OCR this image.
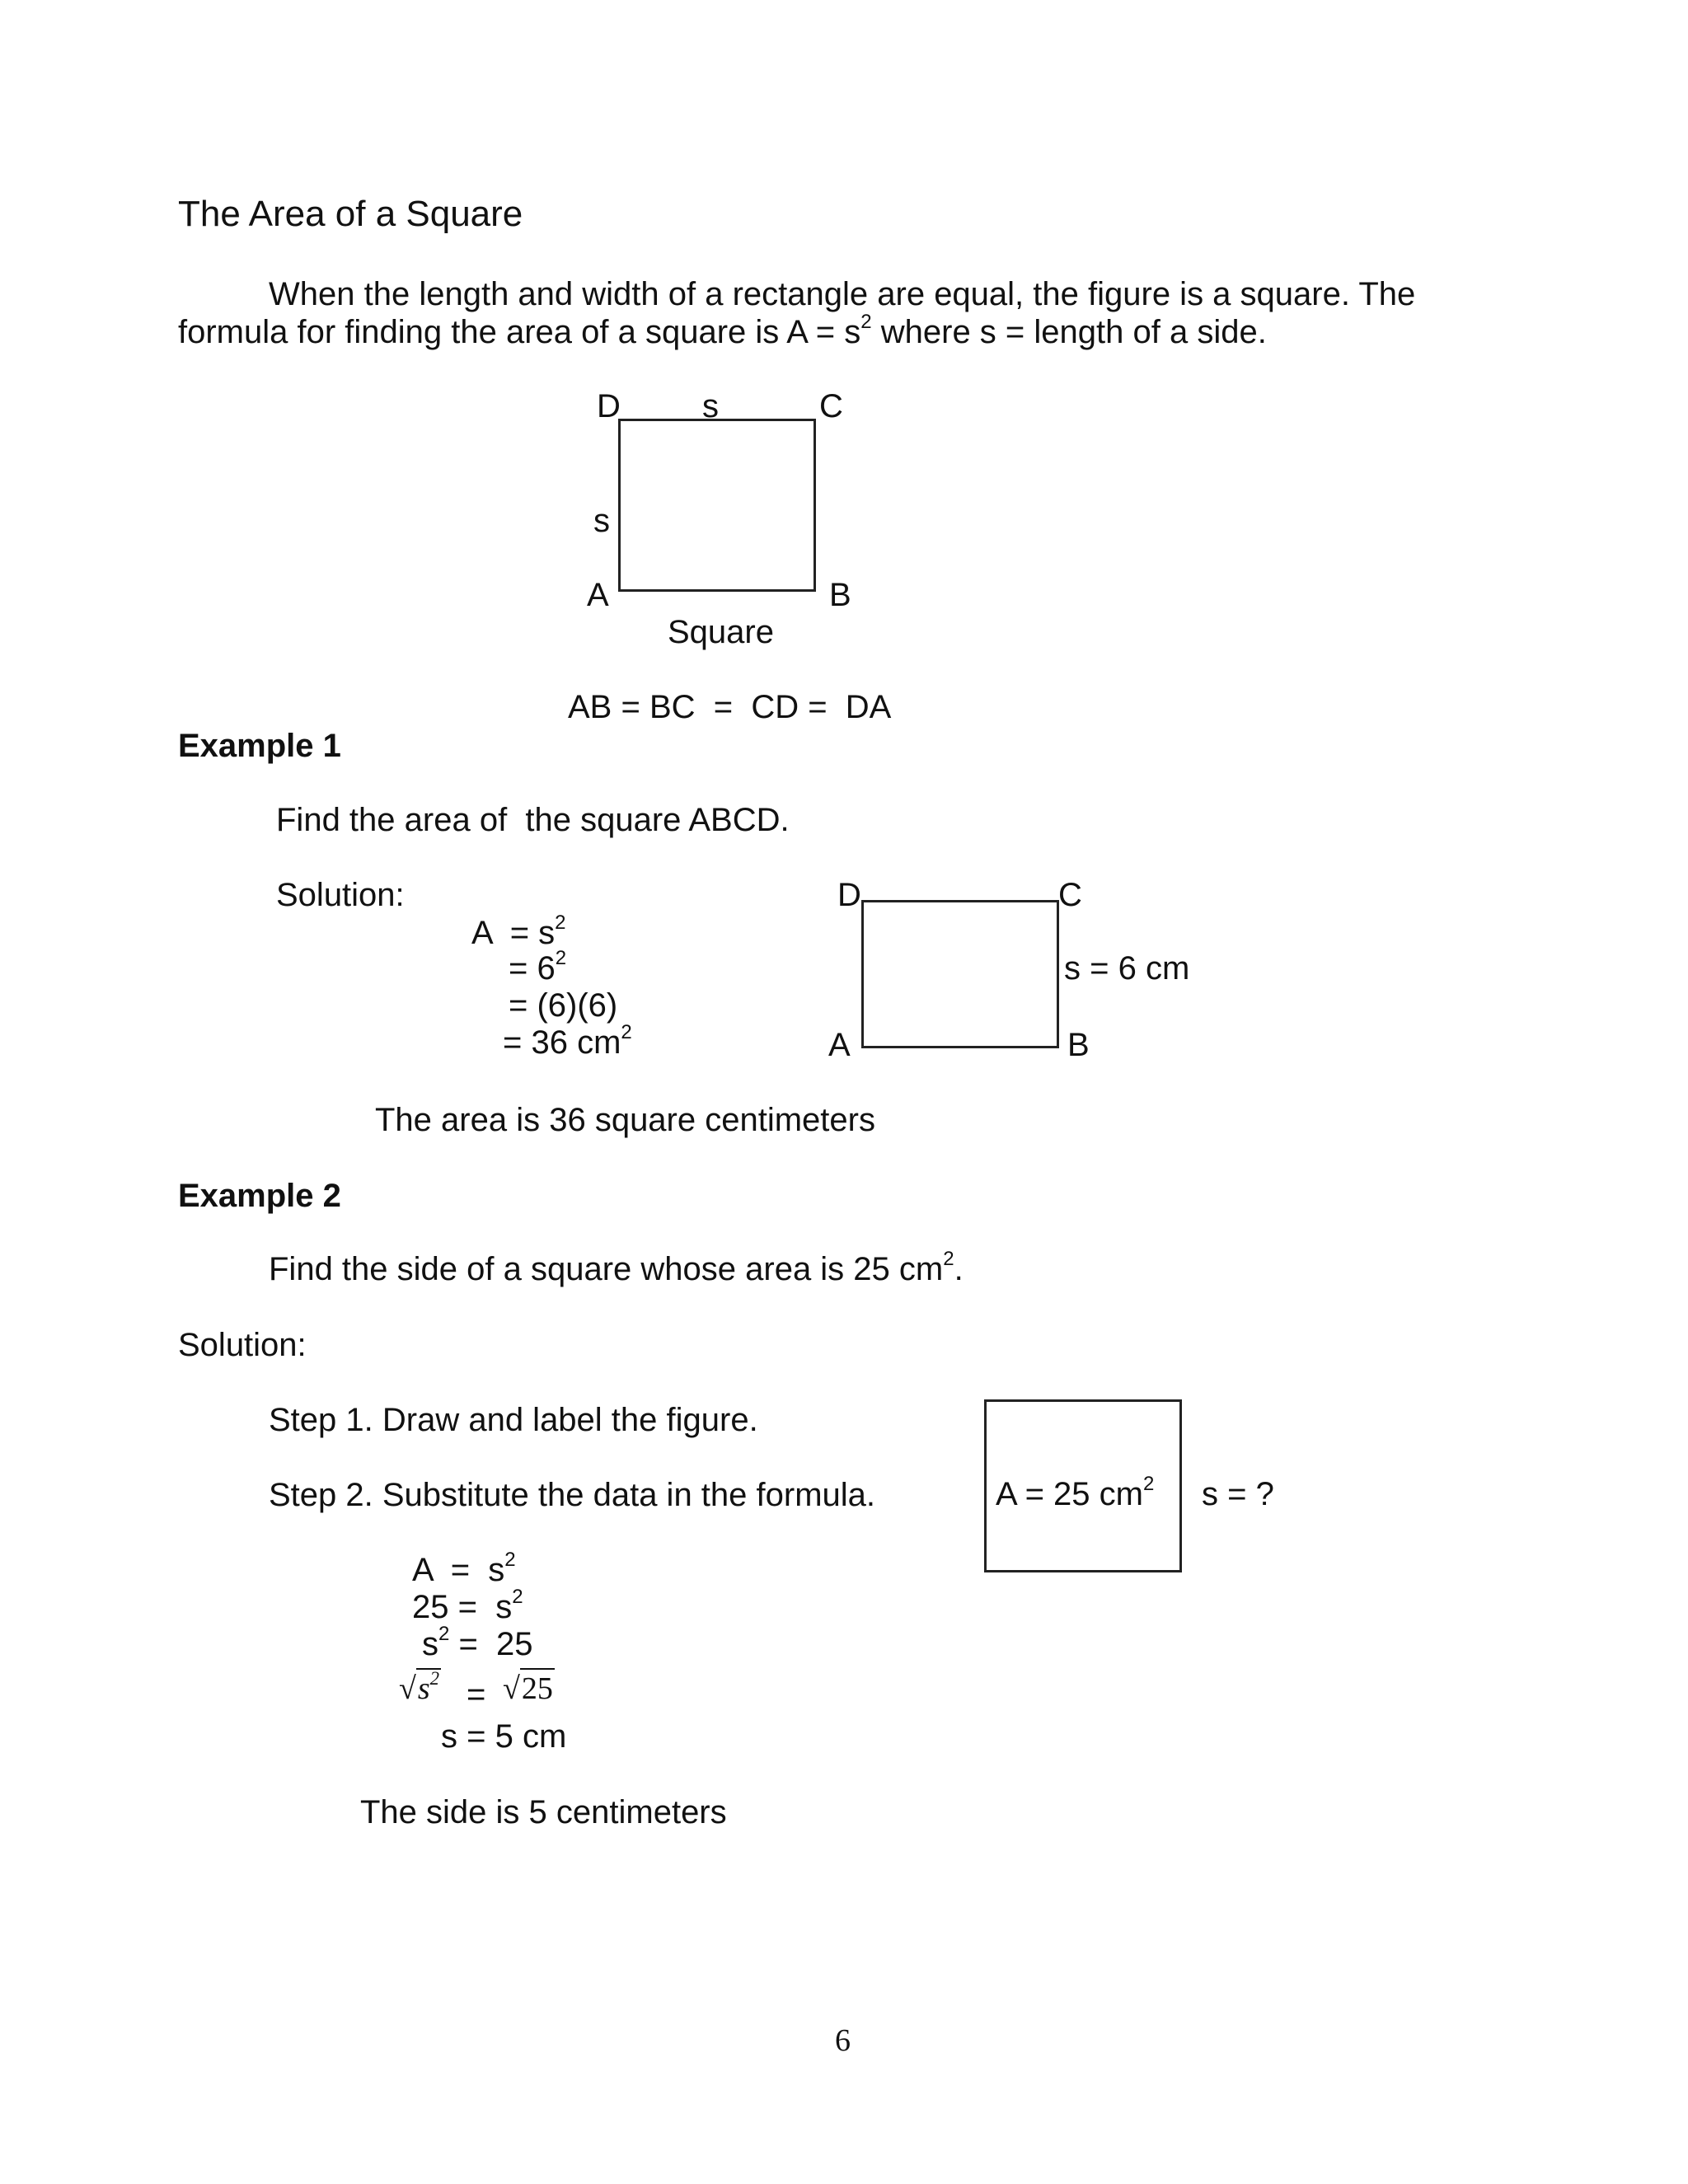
The Area of a Square
When the length and width of a rectangle are equal, the figure is a square. The
formula for finding the area of a square is $A = s^2$ where s = length of a side.
D s	C
s
A	B
Square
AB = BC  =  CD =  DA
Example 1
Find the area of  the square ABCD.
Solution:
$A = s^2$
= $6^2$
= (6)(6)
= 36 $cm^2$
D	C
s = 6 cm
A	B
The area is 36 square centimeters
Example 2
Find the side of a square whose area is 25 $cm^2$.
Solution:
Step 1. Draw and label the figure.
Step 2. Substitute the data in the formula.	A = 25 $cm^2$ s = ?
$A = s^2$
$25 = s^2$
$s^2 = 25$
$√s^2 = √25$
s = 5 cm
The side is 5 centimeters
6
